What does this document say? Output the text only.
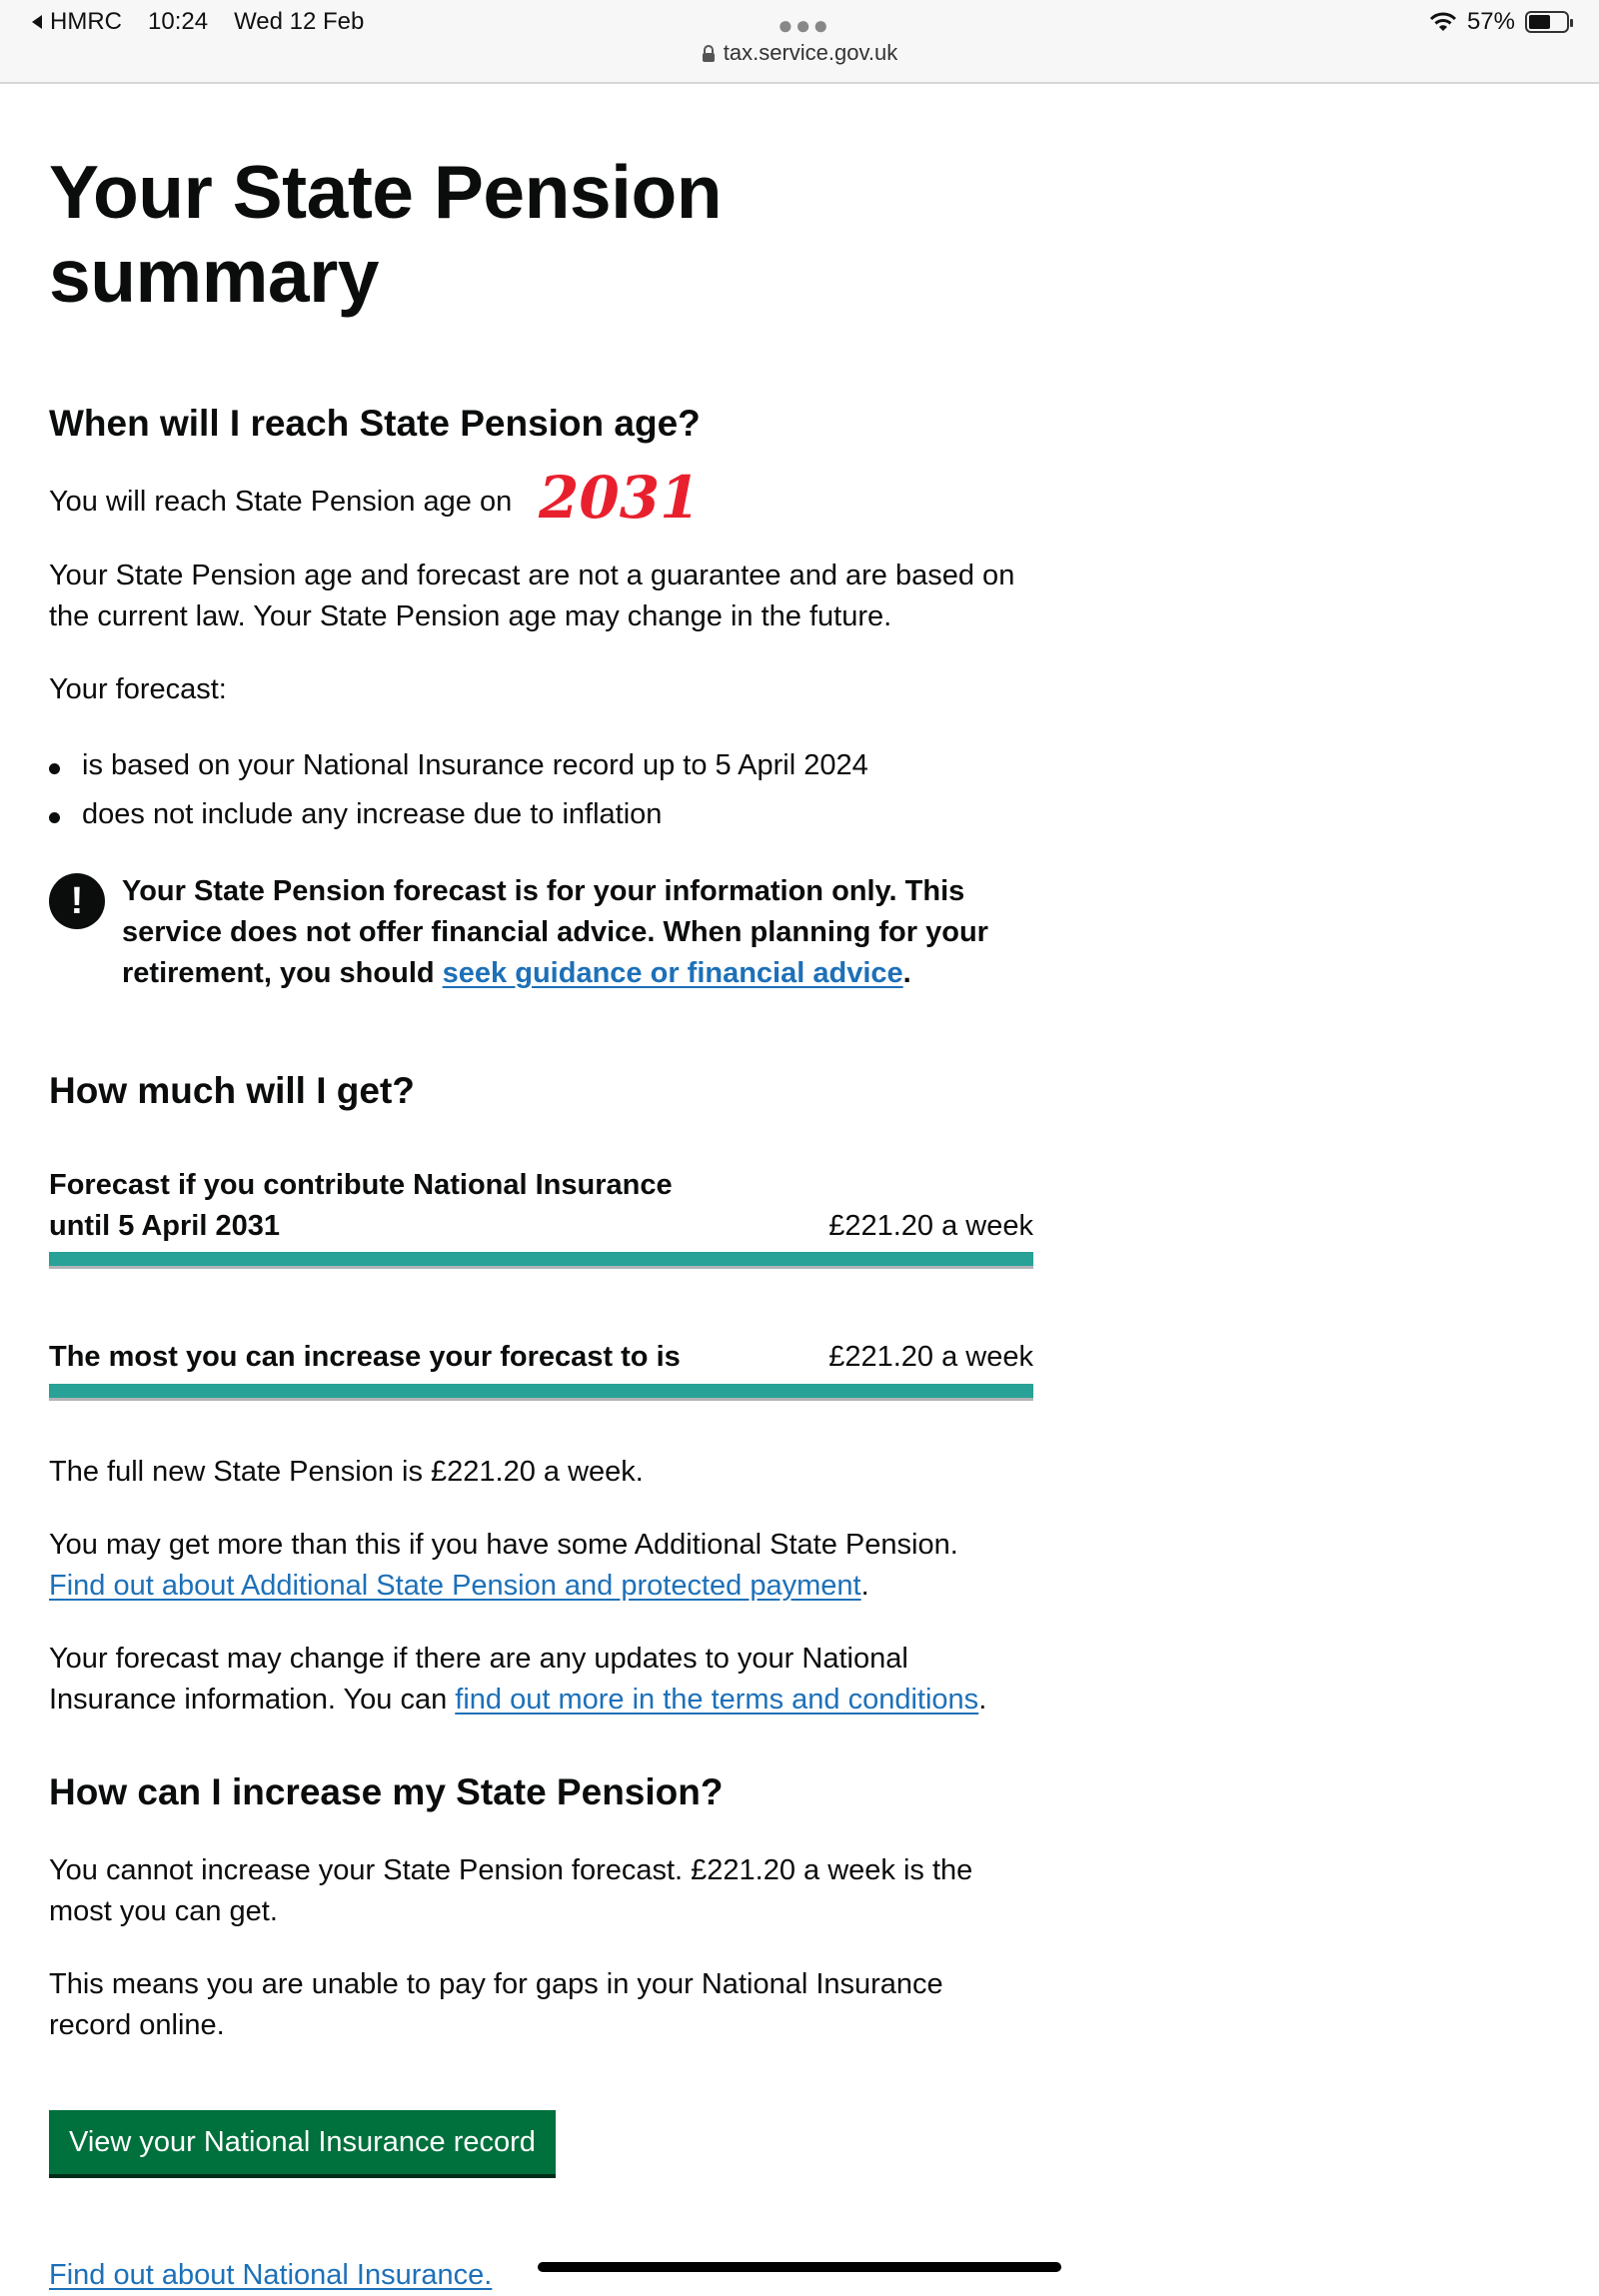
HMRC 10:24 Wed 12 Feb	●●●
tax.service.gov.uk
57%
Your State Pension summary
When will I reach State Pension age?

You will reach State Pension age on 2031

Your State Pension age and forecast are not a guarantee and are based on the current law. Your State Pension age may change in the future.

Your forecast:

is based on your National Insurance record up to 5 April 2024
does not include any increase due to inflation
!	Your State Pension forecast is for your information only. This service does not offer financial advice. When planning for your retirement, you should seek guidance or financial advice.
How much will I get?
Forecast if you contribute National Insurance until 5 April 2031	£221.20 a week
The most you can increase your forecast to is	£221.20 a week

The full new State Pension is £221.20 a week.

You may get more than this if you have some Additional State Pension.
Find out about Additional State Pension and protected payment.

Your forecast may change if there are any updates to your National Insurance information. You can find out more in the terms and conditions.

How can I increase my State Pension?

You cannot increase your State Pension forecast. £221.20 a week is the most you can get.

This means you are unable to pay for gaps in your National Insurance record online.

View your National Insurance record
Find out about National Insurance.
